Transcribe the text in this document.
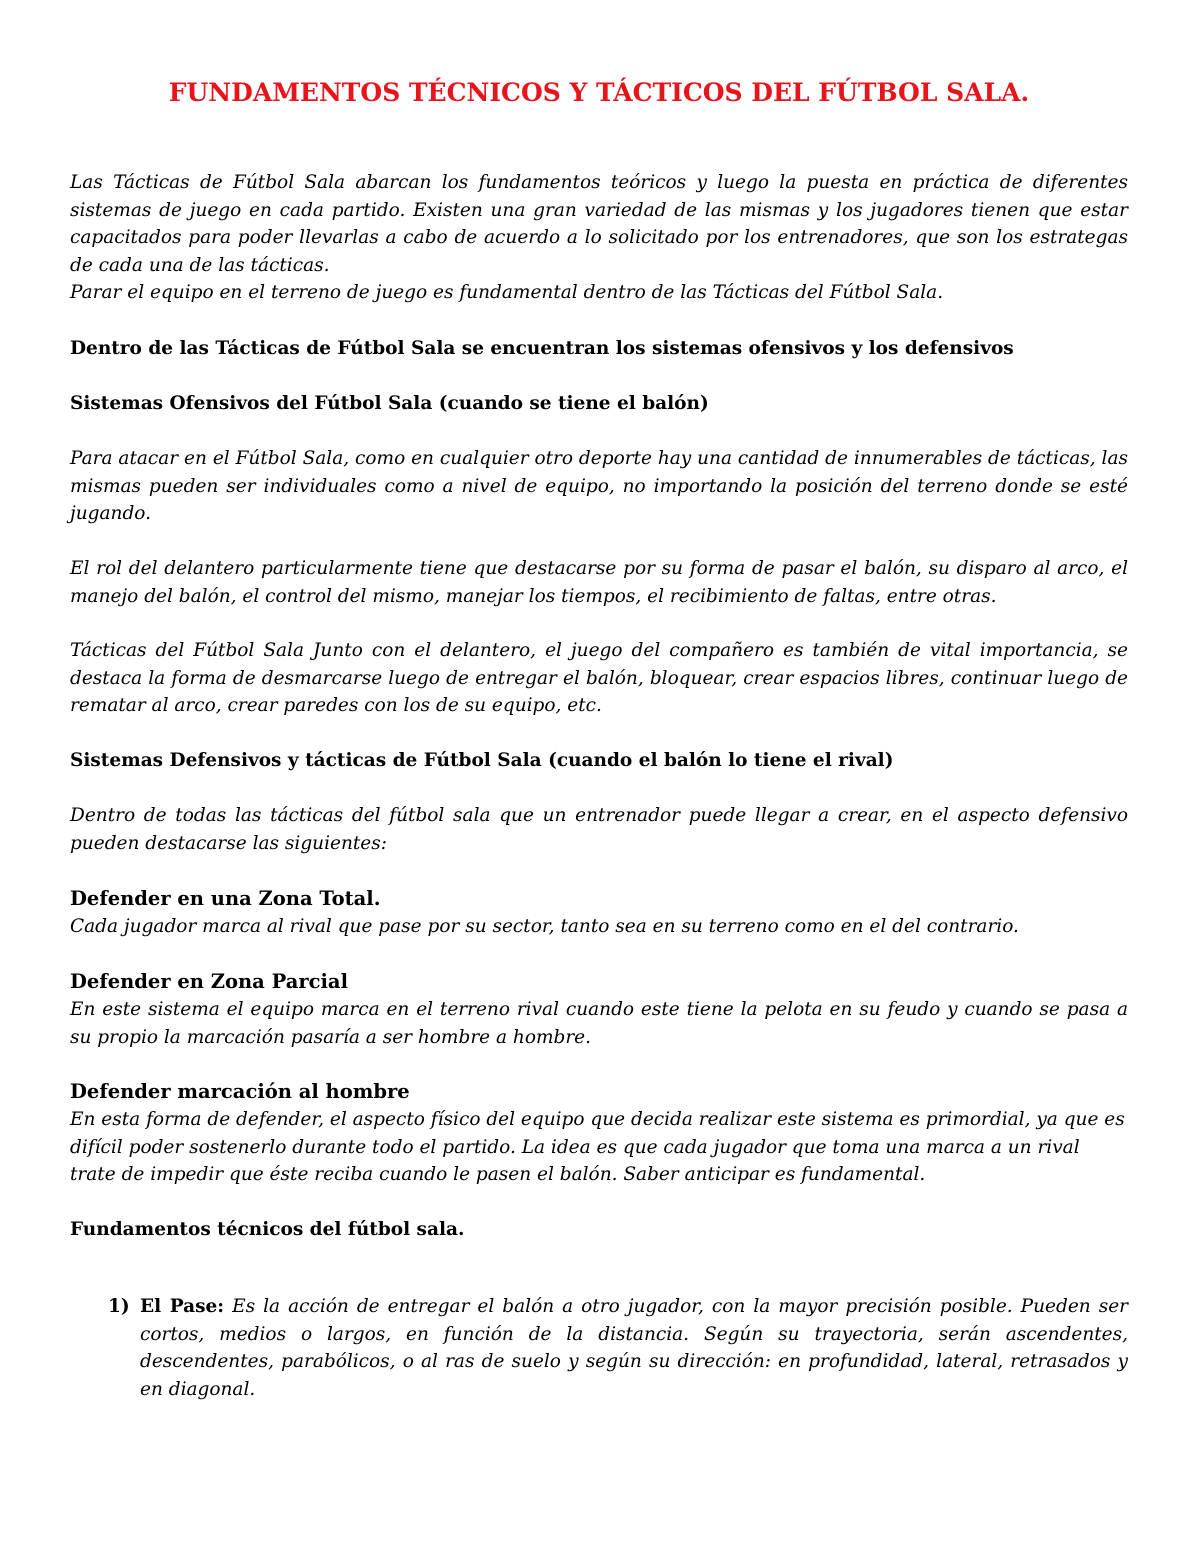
FUNDAMENTOS TÉCNICOS Y TÁCTICOS DEL FÚTBOL SALA.

Las Tácticas de Fútbol Sala abarcan los fundamentos teóricos y luego la puesta en práctica de diferentes sistemas de juego en cada partido. Existen una gran variedad de las mismas y los jugadores tienen que estar capacitados para poder llevarlas a cabo de acuerdo a lo solicitado por los entrenadores, que son los estrategas de cada una de las tácticas.

Parar el equipo en el terreno de juego es fundamental dentro de las Tácticas del Fútbol Sala.

Dentro de las Tácticas de Fútbol Sala se encuentran los sistemas ofensivos y los defensivos

Sistemas Ofensivos del Fútbol Sala (cuando se tiene el balón)

Para atacar en el Fútbol Sala, como en cualquier otro deporte hay una cantidad de innumerables de tácticas, las mismas pueden ser individuales como a nivel de equipo, no importando la posición del terreno donde se esté jugando.

El rol del delantero particularmente tiene que destacarse por su forma de pasar el balón, su disparo al arco, el manejo del balón, el control del mismo, manejar los tiempos, el recibimiento de faltas, entre otras.

Tácticas del Fútbol Sala Junto con el delantero, el juego del compañero es también de vital importancia, se destaca la forma de desmarcarse luego de entregar el balón, bloquear, crear espacios libres, continuar luego de rematar al arco, crear paredes con los de su equipo, etc.

Sistemas Defensivos y tácticas de Fútbol Sala (cuando el balón lo tiene el rival)

Dentro de todas las tácticas del fútbol sala que un entrenador puede llegar a crear, en el aspecto defensivo pueden destacarse las siguientes:

Defender en una Zona Total.

Cada jugador marca al rival que pase por su sector, tanto sea en su terreno como en el del contrario.

Defender en Zona Parcial

En este sistema el equipo marca en el terreno rival cuando este tiene la pelota en su feudo y cuando se pasa a su propio la marcación pasaría a ser hombre a hombre.

Defender marcación al hombre

En esta forma de defender, el aspecto físico del equipo que decida realizar este sistema es primordial, ya que es difícil poder sostenerlo durante todo el partido. La idea es que cada jugador que toma una marca a un rival trate de impedir que éste reciba cuando le pasen el balón. Saber anticipar es fundamental.

Fundamentos técnicos del fútbol sala.

1) El Pase: Es la acción de entregar el balón a otro jugador, con la mayor precisión posible. Pueden ser cortos, medios o largos, en función de la distancia. Según su trayectoria, serán ascendentes, descendentes, parabólicos, o al ras de suelo y según su dirección: en profundidad, lateral, retrasados y en diagonal.
